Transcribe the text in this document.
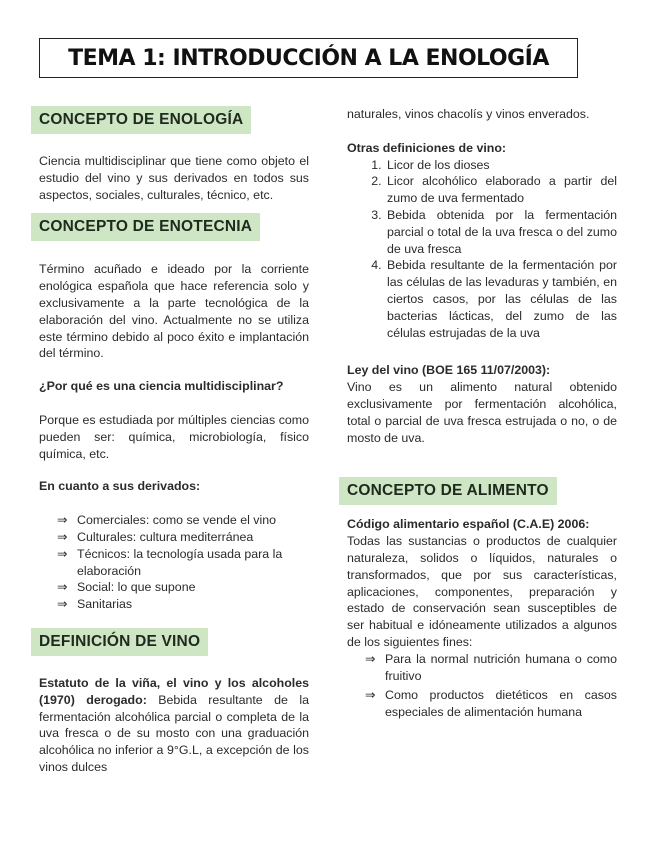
TEMA 1: INTRODUCCIÓN A LA ENOLOGÍA
CONCEPTO DE ENOLOGÍA

Ciencia multidisciplinar que tiene como objeto el estudio del vino y sus derivados en todos sus aspectos, sociales, culturales, técnico, etc.

CONCEPTO DE ENOTECNIA

Término acuñado e ideado por la corriente enológica española que hace referencia solo y exclusivamente a la parte tecnológica de la elaboración del vino. Actualmente no se utiliza este término debido al poco éxito e implantación del término.

¿Por qué es una ciencia multidisciplinar?

Porque es estudiada por múltiples ciencias como pueden ser: química, microbiología, físico química, etc.

En cuanto a sus derivados:

⇒ Comerciales: como se vende el vino
⇒ Culturales: cultura mediterránea
⇒ Técnicos: la tecnología usada para la elaboración
⇒ Social: lo que supone
⇒ Sanitarias
DEFINICIÓN DE VINO

Estatuto de la viña, el vino y los alcoholes (1970) derogado: Bebida resultante de la fermentación alcohólica parcial o completa de la uva fresca o de su mosto con una graduación alcohólica no inferior a 9°G.L, a excepción de los vinos dulces

naturales, vinos chacolís y vinos enverados.

Otras definiciones de vino:

1. Licor de los dioses
2. Licor alcohólico elaborado a partir del zumo de uva fermentado
3. Bebida obtenida por la fermentación parcial o total de la uva fresca o del zumo de uva fresca
4. Bebida resultante de la fermentación por las células de las levaduras y también, en ciertos casos, por las células de las bacterias lácticas, del zumo de las células estrujadas de la uva

Ley del vino (BOE 165 11/07/2003):

Vino es un alimento natural obtenido exclusivamente por fermentación alcohólica, total o parcial de uva fresca estrujada o no, o de mosto de uva.

CONCEPTO DE ALIMENTO

Código alimentario español (C.A.E) 2006:

Todas las sustancias o productos de cualquier naturaleza, solidos o líquidos, naturales o transformados, que por sus características, aplicaciones, componentes, preparación y estado de conservación sean susceptibles de ser habitual e idóneamente utilizados a algunos de los siguientes fines:

⇒ Para la normal nutrición humana o como fruitivo
⇒ Como productos dietéticos en casos especiales de alimentación humana
